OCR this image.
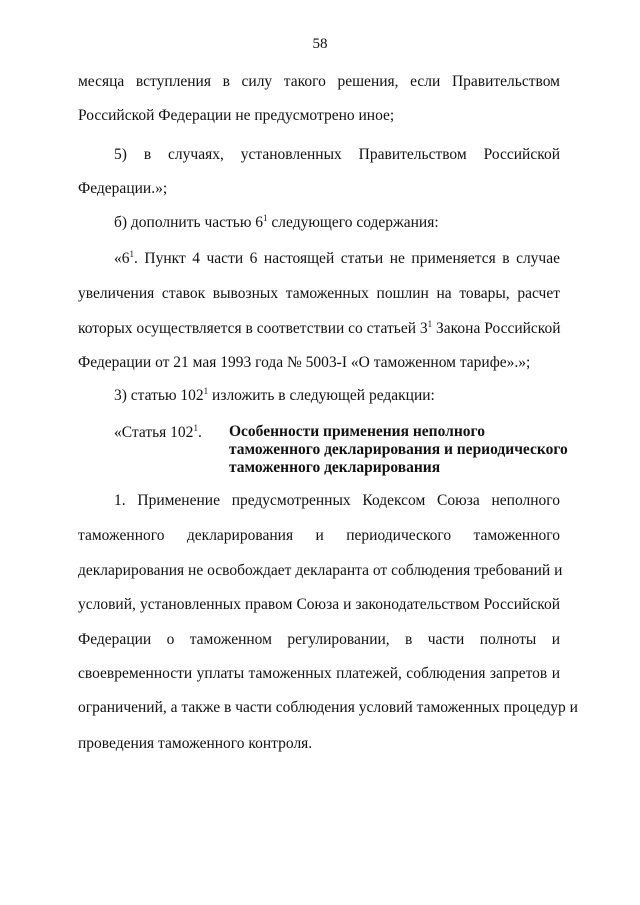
58
месяца вступления в силу такого решения, если Правительством
Российской Федерации не предусмотрено иное;
5) в случаях, установленных Правительством Российской
Федерации.»;
б) дополнить частью $6^1$ следующего содержания:
«$6^1$. Пункт 4 части 6 настоящей статьи не применяется в случае
увеличения ставок вывозных таможенных пошлин на товары, расчет
которых осуществляется в соответствии со статьей $3^1$ Закона Российской
Федерации от 21 мая 1993 года № 5003-I «О таможенном тарифе».»;
3) статью $102^1$ изложить в следующей редакции:
«Статья $102^1$. Особенности применения неполного
таможенного декларирования и периодического
таможенного декларирования
1. Применение предусмотренных Кодексом Союза неполного
таможенного декларирования и периодического таможенного
декларирования не освобождает декларанта от соблюдения требований и
условий, установленных правом Союза и законодательством Российской
Федерации о таможенном регулировании, в части полноты и
своевременности уплаты таможенных платежей, соблюдения запретов и
ограничений, а также в части соблюдения условий таможенных процедур и
проведения таможенного контроля.
